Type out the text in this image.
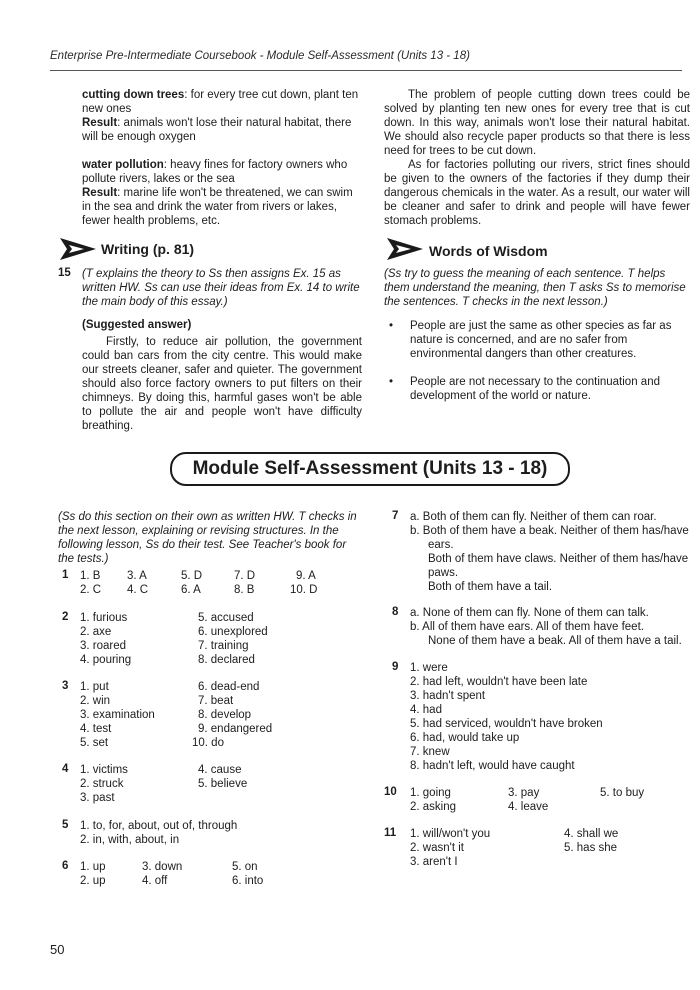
Enterprise Pre-Intermediate Coursebook - Module Self-Assessment (Units 13 - 18)

cutting down trees: for every tree cut down, plant ten new ones

Result: animals won't lose their natural habitat, there will be enough oxygen

water pollution: heavy fines for factory owners who pollute rivers, lakes or the sea

Result: marine life won't be threatened, we can swim in the sea and drink the water from rivers or lakes, fewer health problems, etc.

The problem of people cutting down trees could be solved by planting ten new ones for every tree that is cut down. In this way, animals won't lose their natural habitat. We should also recycle paper products so that there is less need for trees to be cut down.

As for factories polluting our rivers, strict fines should be given to the owners of the factories if they dump their dangerous chemicals in the water. As a result, our water will be cleaner and safer to drink and people will have fewer stomach problems.

Writing (p. 81)
15 (T explains the theory to Ss then assigns Ex. 15 as written HW. Ss can use their ideas from Ex. 14 to write the main body of this essay.)
(Suggested answer)

Firstly, to reduce air pollution, the government could ban cars from the city centre. This would make our streets cleaner, safer and quieter. The government should also force factory owners to put filters on their chimneys. By doing this, harmful gases won't be able to pollute the air and people won't have difficulty breathing.

Words of Wisdom
(Ss try to guess the meaning of each sentence. T helps them understand the meaning, then T asks Ss to memorise the sentences. T checks in the next lesson.)
• People are just the same as other species as far as nature is concerned, and are no safer from environmental dangers than other creatures.
• People are not necessary to the continuation and development of the world or nature.
Module Self-Assessment (Units 13 - 18)
(Ss do this section on their own as written HW. T checks in the next lesson, explaining or revising structures. In the following lesson, Ss do their test. See Teacher's book for the tests.)
1 1. B 3. A	5. D	7. D	9. A
2. C 4. C	6. A	8. B	10. D
2 1. furious
2. axe
3. roared
4. pouring
5. accused
6. unexplored
7. training
8. declared
3 1. put
2. win
3. examination
4. test
5. set
6. dead-end
7. beat
8. develop
9. endangered
10. do
4 1. victims
2. struck
3. past
4. cause
5. believe
5 1. to, for, about, out of, through
2. in, with, about, in
6 1. up	3. down	5. on
2. up	4. off	6. into
7 a. Both of them can fly. Neither of them can roar.
b. Both of them have a beak. Neither of them has/have
ears.
Both of them have claws. Neither of them has/have
paws.
Both of them have a tail.
8 a. None of them can fly. None of them can talk.
b. All of them have ears. All of them have feet.
None of them have a beak. All of them have a tail.
9 1. were
2. had left, wouldn't have been late
3. hadn't spent
4. had
5. had serviced, wouldn't have broken
6. had, would take up
7. knew
8. hadn't left, would have caught
10 1. going	3. pay	5. to buy
2. asking	4. leave
11 1. will/won't you
2. wasn't it
3. aren't I
4. shall we
5. has she
50
